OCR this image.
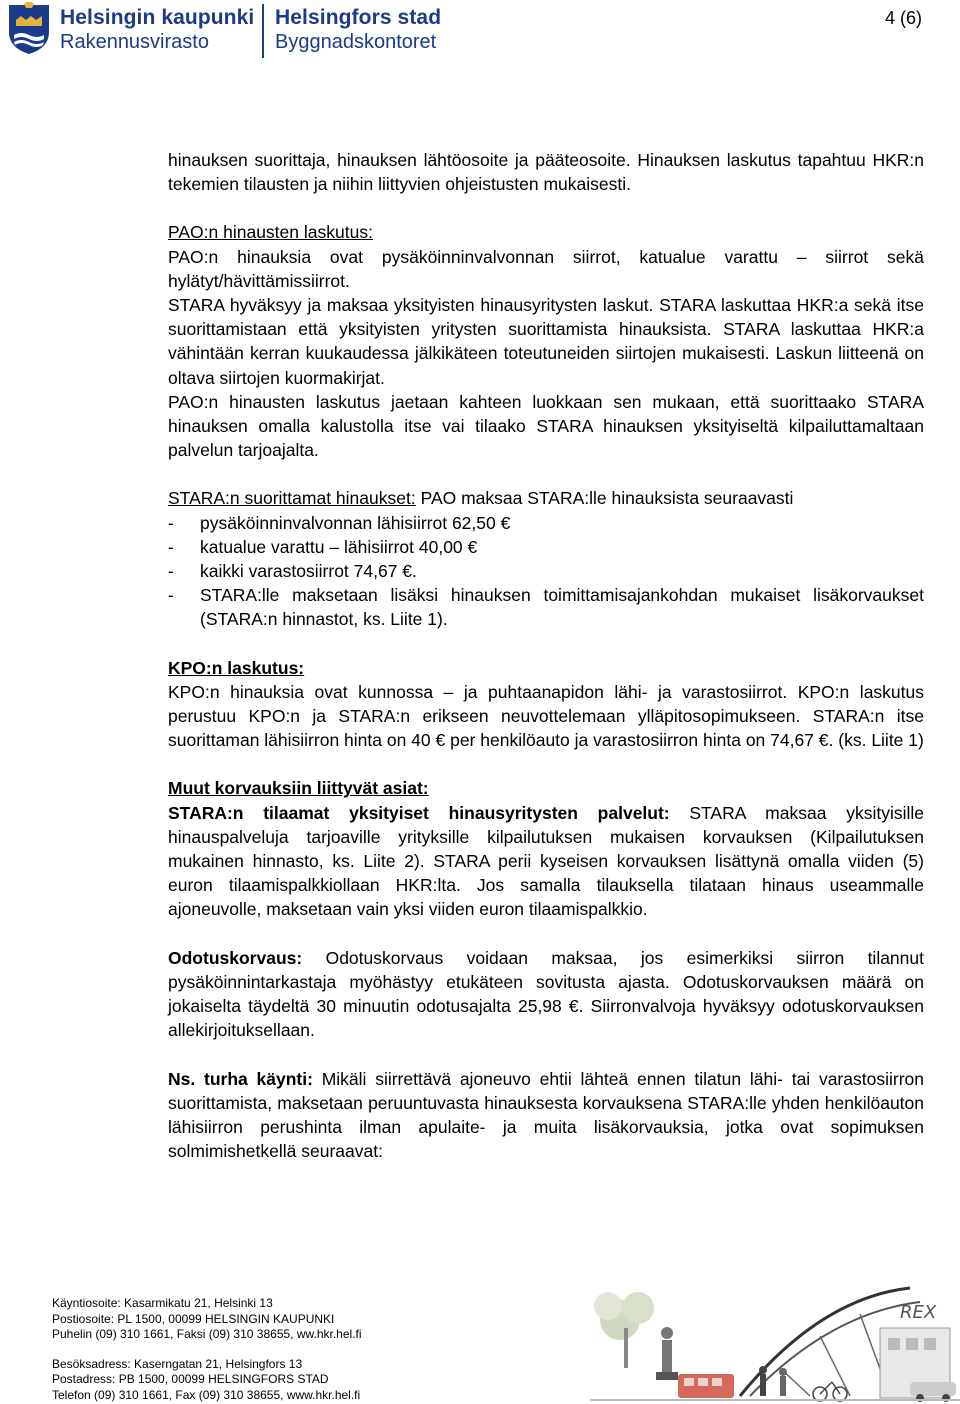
Helsingin kaupunki
Rakennusvirasto
Helsingfors stad
Byggnadskontoret
4 (6)

hinauksen suorittaja, hinauksen lähtöosoite ja pääteosoite. Hinauksen laskutus tapahtuu HKR:n tekemien tilausten ja niihin liittyvien ohjeistusten mukaisesti.

PAO:n hinausten laskutus:

PAO:n hinauksia ovat pysäköinninvalvonnan siirrot, katualue varattu – siirrot sekä hylätyt/hävittämissiirrot.

STARA hyväksyy ja maksaa yksityisten hinausyritysten laskut. STARA laskuttaa HKR:a sekä itse suorittamistaan että yksityisten yritysten suorittamista hinauksista. STARA laskuttaa HKR:a vähintään kerran kuukaudessa jälkikäteen toteutuneiden siirtojen mukaisesti. Laskun liitteenä on oltava siirtojen kuormakirjat.

PAO:n hinausten laskutus jaetaan kahteen luokkaan sen mukaan, että suorittaako STARA hinauksen omalla kalustolla itse vai tilaako STARA hinauksen yksityiseltä kilpailuttamaltaan palvelun tarjoajalta.

STARA:n suorittamat hinaukset: PAO maksaa STARA:lle hinauksista seuraavasti

-	pysäköinninvalvonnan lähisiirrot 62,50 €
-	katualue varattu – lähisiirrot 40,00 €
-	kaikki varastosiirrot 74,67 €.
-	STARA:lle maksetaan lisäksi hinauksen toimittamisajankohdan mukaiset lisäkorvaukset (STARA:n hinnastot, ks. Liite 1).

KPO:n laskutus:

KPO:n hinauksia ovat kunnossa – ja puhtaanapidon lähi- ja varastosiirrot. KPO:n laskutus perustuu KPO:n ja STARA:n erikseen neuvottelemaan ylläpitosopimukseen. STARA:n itse suorittaman lähisiirron hinta on 40 € per henkilöauto ja varastosiirron hinta on 74,67 €. (ks. Liite 1)

Muut korvauksiin liittyvät asiat:

STARA:n tilaamat yksityiset hinausyritysten palvelut: STARA maksaa yksityisille hinauspalveluja tarjoaville yrityksille kilpailutuksen mukaisen korvauksen (Kilpailutuksen mukainen hinnasto, ks. Liite 2). STARA perii kyseisen korvauksen lisättynä omalla viiden (5) euron tilaamispalkkiollaan HKR:lta. Jos samalla tilauksella tilataan hinaus useammalle ajoneuvolle, maksetaan vain yksi viiden euron tilaamispalkkio.

Odotuskorvaus: Odotuskorvaus voidaan maksaa, jos esimerkiksi siirron tilannut pysäköinnintarkastaja myöhästyy etukäteen sovitusta ajasta. Odotuskorvauksen määrä on jokaiselta täydeltä 30 minuutin odotusajalta 25,98 €. Siirronvalvoja hyväksyy odotuskorvauksen allekirjoituksellaan.

Ns. turha käynti: Mikäli siirrettävä ajoneuvo ehtii lähteä ennen tilatun lähi- tai varastosiirron suorittamista, maksetaan peruuntuvasta hinauksesta korvauksena STARA:lle yhden henkilöauton lähisiirron perushinta ilman apulaite- ja muita lisäkorvauksia, jotka ovat sopimuksen solmimishetkellä seuraavat:

Käyntiosoite: Kasarmikatu 21, Helsinki 13
Postiosoite: PL 1500, 00099 HELSINGIN KAUPUNKI
Puhelin (09) 310 1661, Faksi (09) 310 38655, ww.hkr.hel.fi
Besöksadress: Kaserngatan 21, Helsingfors 13
Postadress: PB 1500, 00099 HELSINGFORS STAD
Telefon (09) 310 1661, Fax (09) 310 38655, www.hkr.hel.fi
REX
